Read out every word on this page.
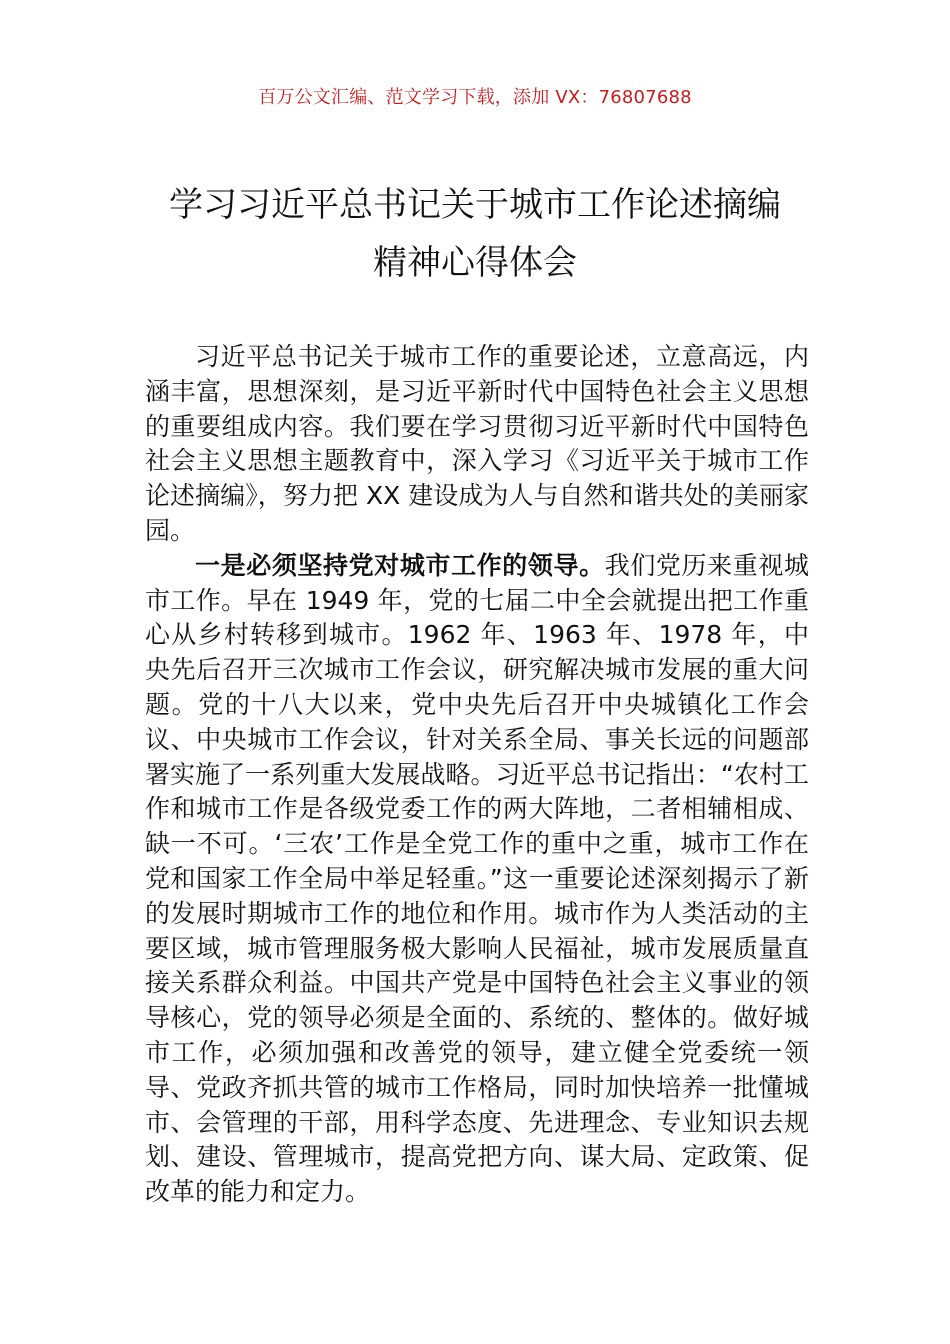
百万公文汇编、范文学习下载，添加 VX：76807688
学习习近平总书记关于城市工作论述摘编
精神心得体会

习近平总书记关于城市工作的重要论述，立意高远，内涵丰富，思想深刻，是习近平新时代中国特色社会主义思想的重要组成内容。我们要在学习贯彻习近平新时代中国特色社会主义思想主题教育中，深入学习《习近平关于城市工作论述摘编》，努力把 XX 建设成为人与自然和谐共处的美丽家园。

一是必须坚持党对城市工作的领导。我们党历来重视城市工作。早在 1949 年，党的七届二中全会就提出把工作重心从乡村转移到城市。1962 年、1963 年、1978 年，中央先后召开三次城市工作会议，研究解决城市发展的重大问题。党的十八大以来，党中央先后召开中央城镇化工作会议、中央城市工作会议，针对关系全局、事关长远的问题部署实施了一系列重大发展战略。习近平总书记指出：“农村工作和城市工作是各级党委工作的两大阵地，二者相辅相成、缺一不可。‘三农’工作是全党工作的重中之重，城市工作在党和国家工作全局中举足轻重。”这一重要论述深刻揭示了新的发展时期城市工作的地位和作用。城市作为人类活动的主要区域，城市管理服务极大影响人民福祉，城市发展质量直接关系群众利益。中国共产党是中国特色社会主义事业的领导核心，党的领导必须是全面的、系统的、整体的。做好城市工作，必须加强和改善党的领导，建立健全党委统一领导、党政齐抓共管的城市工作格局，同时加快培养一批懂城市、会管理的干部，用科学态度、先进理念、专业知识去规划、建设、管理城市，提高党把方向、谋大局、定政策、促改革的能力和定力。
